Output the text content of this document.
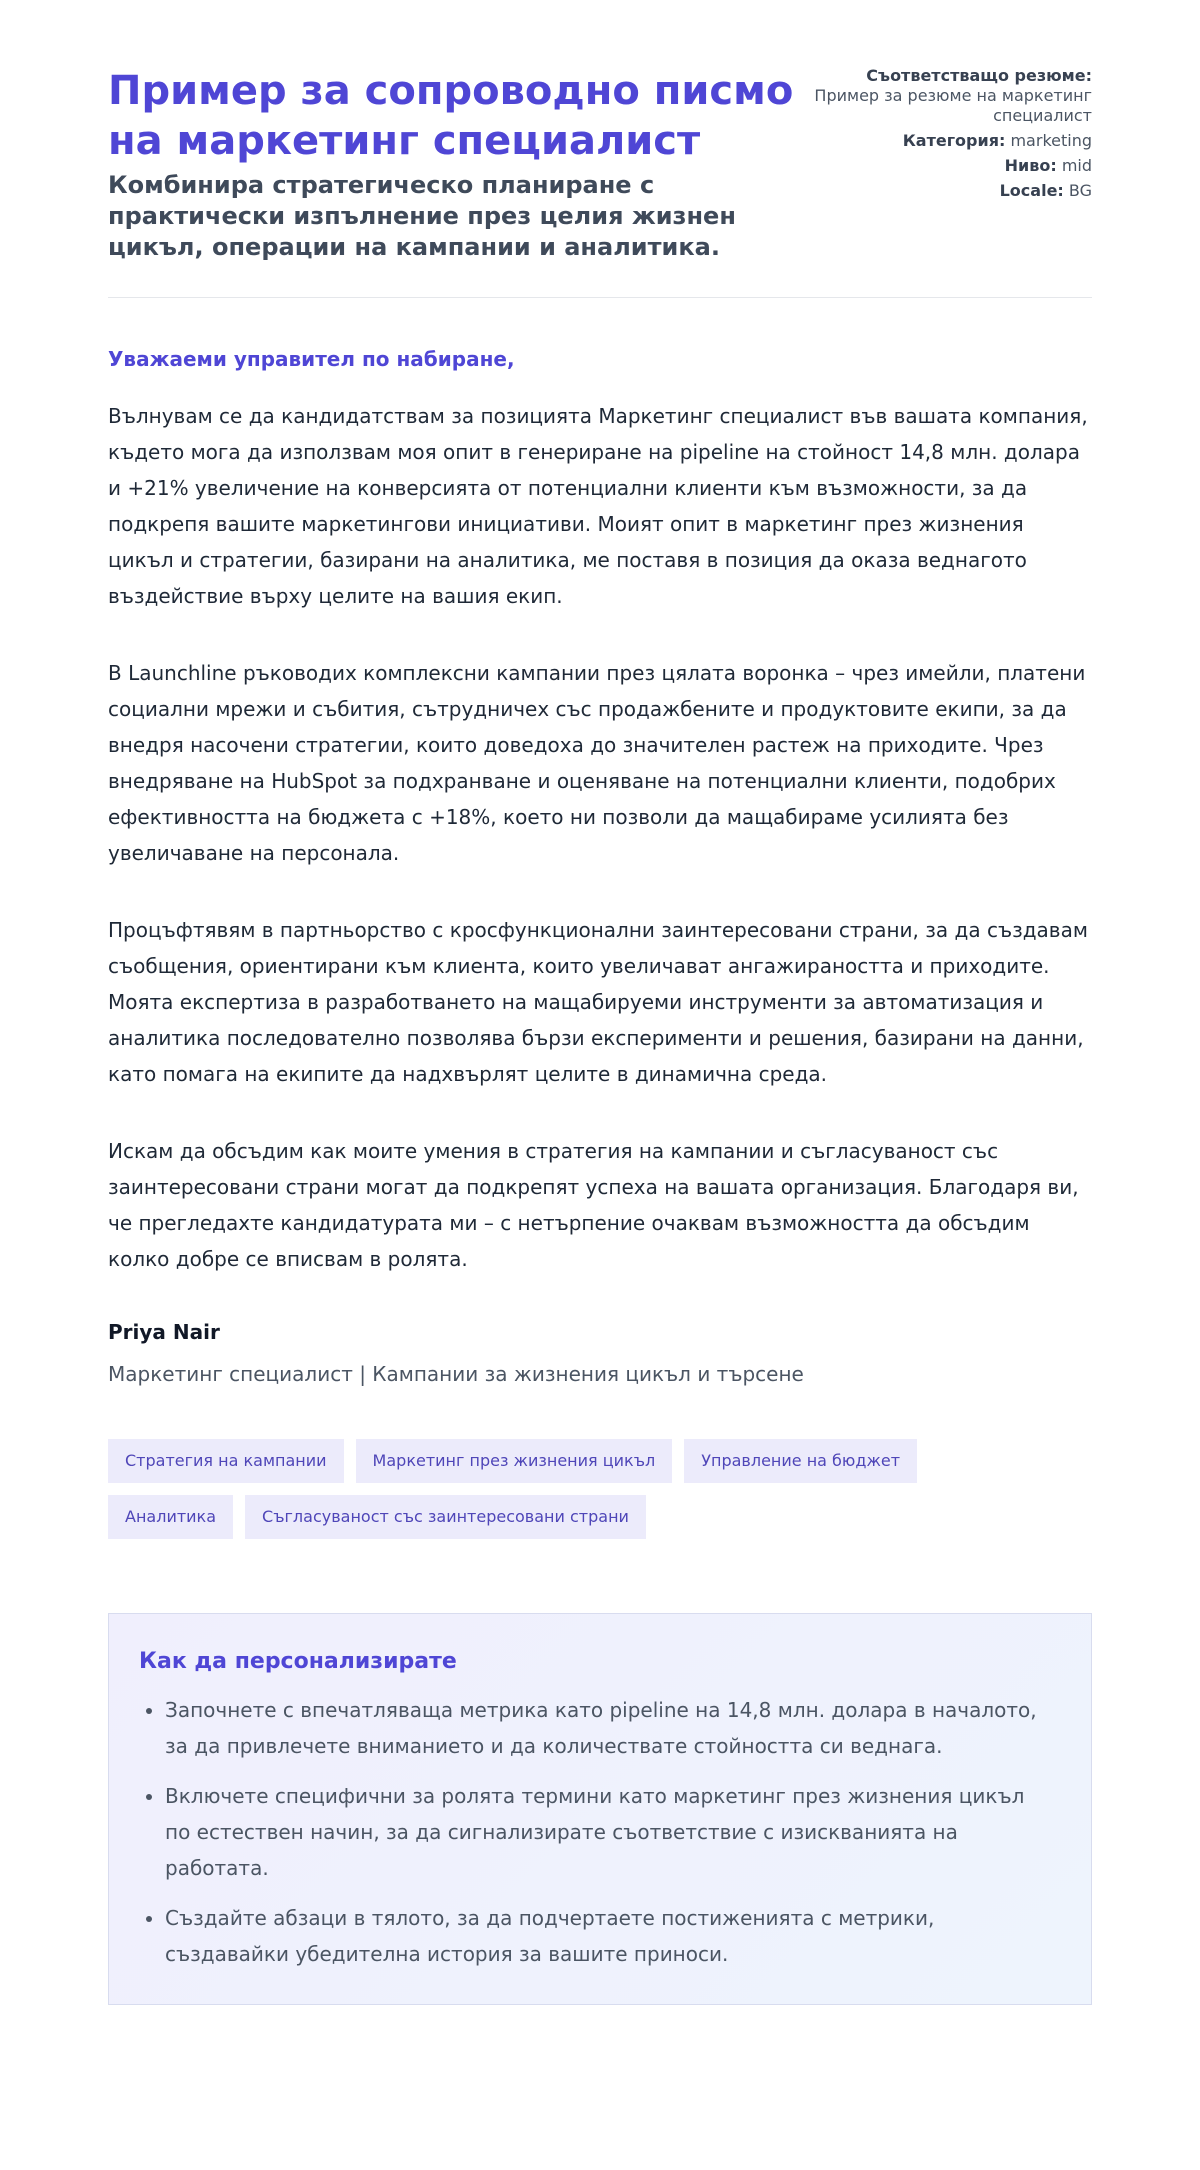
Пример за сопроводно писмо на маркетинг специалист
Комбинира стратегическо планиране с практически изпълнение през целия жизнен цикъл, операции на кампании и аналитика.
Съответстващо резюме:
Пример за резюме на маркетинг специалист
Категория: marketing
Ниво: mid
Locale: BG
Уважаеми управител по набиране,

Вълнувам се да кандидатствам за позицията Маркетинг специалист във вашата компания, където мога да използвам моя опит в генериране на pipeline на стойност 14,8 млн. долара и +21% увеличение на конверсията от потенциални клиенти към възможности, за да подкрепя вашите маркетингови инициативи. Моият опит в маркетинг през жизнения цикъл и стратегии, базирани на аналитика, ме поставя в позиция да оказа веднагото въздействие върху целите на вашия екип.

В Launchline ръководих комплексни кампании през цялата воронка – чрез имейли, платени социални мрежи и събития, сътрудничех със продажбените и продуктовите екипи, за да внедря насочени стратегии, които доведоха до значителен растеж на приходите. Чрез внедряване на HubSpot за подхранване и оценяване на потенциални клиенти, подобрих ефективността на бюджета с +18%, което ни позволи да мащабираме усилията без увеличаване на персонала.

Процъфтявям в партньорство с кросфункционални заинтересовани страни, за да създавам съобщения, ориентирани към клиента, които увеличават ангажираността и приходите. Моята експертиза в разработването на мащабируеми инструменти за автоматизация и аналитика последователно позволява бързи експерименти и решения, базирани на данни, като помага на екипите да надхвърлят целите в динамична среда.

Искам да обсъдим как моите умения в стратегия на кампании и съгласуваност със заинтересовани страни могат да подкрепят успеха на вашата организация. Благодаря ви, че прегледахте кандидатурата ми – с нетърпение очаквам възможността да обсъдим колко добре се вписвам в ролята.

Priya Nair
Маркетинг специалист | Кампании за жизнения цикъл и търсене
Стратегия на кампании	Маркетинг през жизнения цикъл	Управление на бюджет
Аналитика	Съгласуваност със заинтересовани страни
Как да персонализирате
• Започнете с впечатляваща метрика като pipeline на 14,8 млн. долара в началото, за да привлечете вниманието и да количествате стойността си веднага.
• Включете специфични за ролята термини като маркетинг през жизнения цикъл по естествен начин, за да сигнализирате съответствие с изискванията на работата.
• Създайте абзаци в тялото, за да подчертаете постиженията с метрики, създавайки убедителна история за вашите приноси.
